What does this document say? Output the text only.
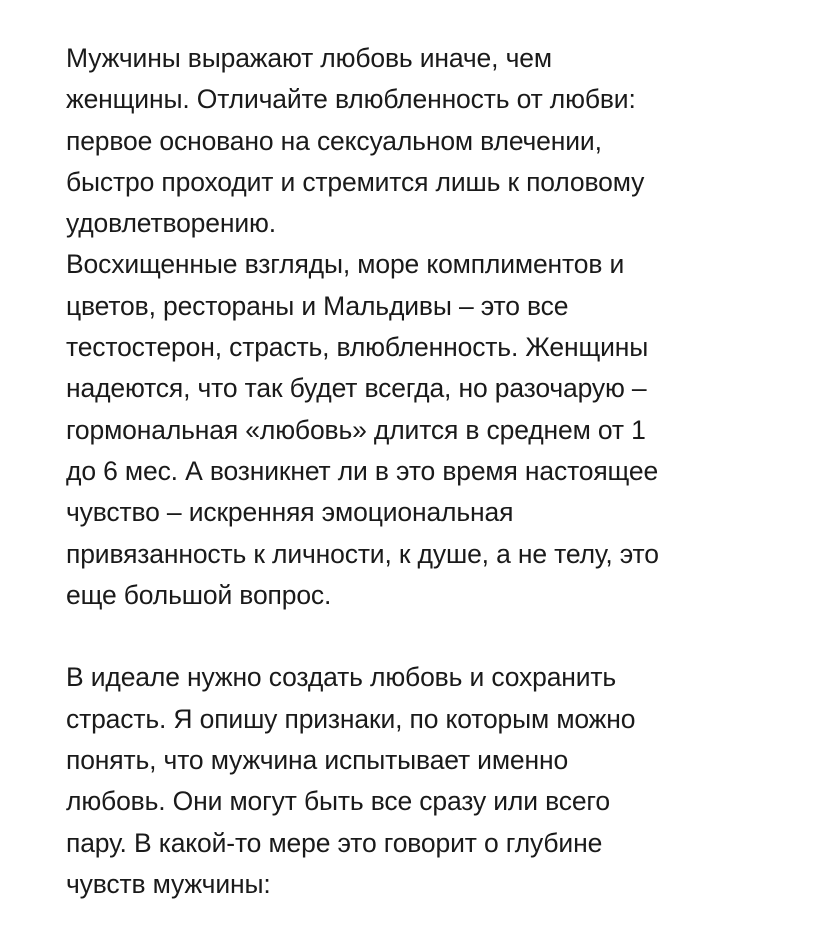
Мужчины выражают любовь иначе, чем
женщины. Отличайте влюбленность от любви:
первое основано на сексуальном влечении,
быстро проходит и стремится лишь к половому
удовлетворению.
Восхищенные взгляды, море комплиментов и
цветов, рестораны и Мальдивы – это все
тестостерон, страсть, влюбленность. Женщины
надеются, что так будет всегда, но разочарую –
гормональная «любовь» длится в среднем от 1
до 6 мес. А возникнет ли в это время настоящее
чувство – искренняя эмоциональная
привязанность к личности, к душе, а не телу, это
еще большой вопрос.
В идеале нужно создать любовь и сохранить
страсть. Я опишу признаки, по которым можно
понять, что мужчина испытывает именно
любовь. Они могут быть все сразу или всего
пару. В какой-то мере это говорит о глубине
чувств мужчины:
